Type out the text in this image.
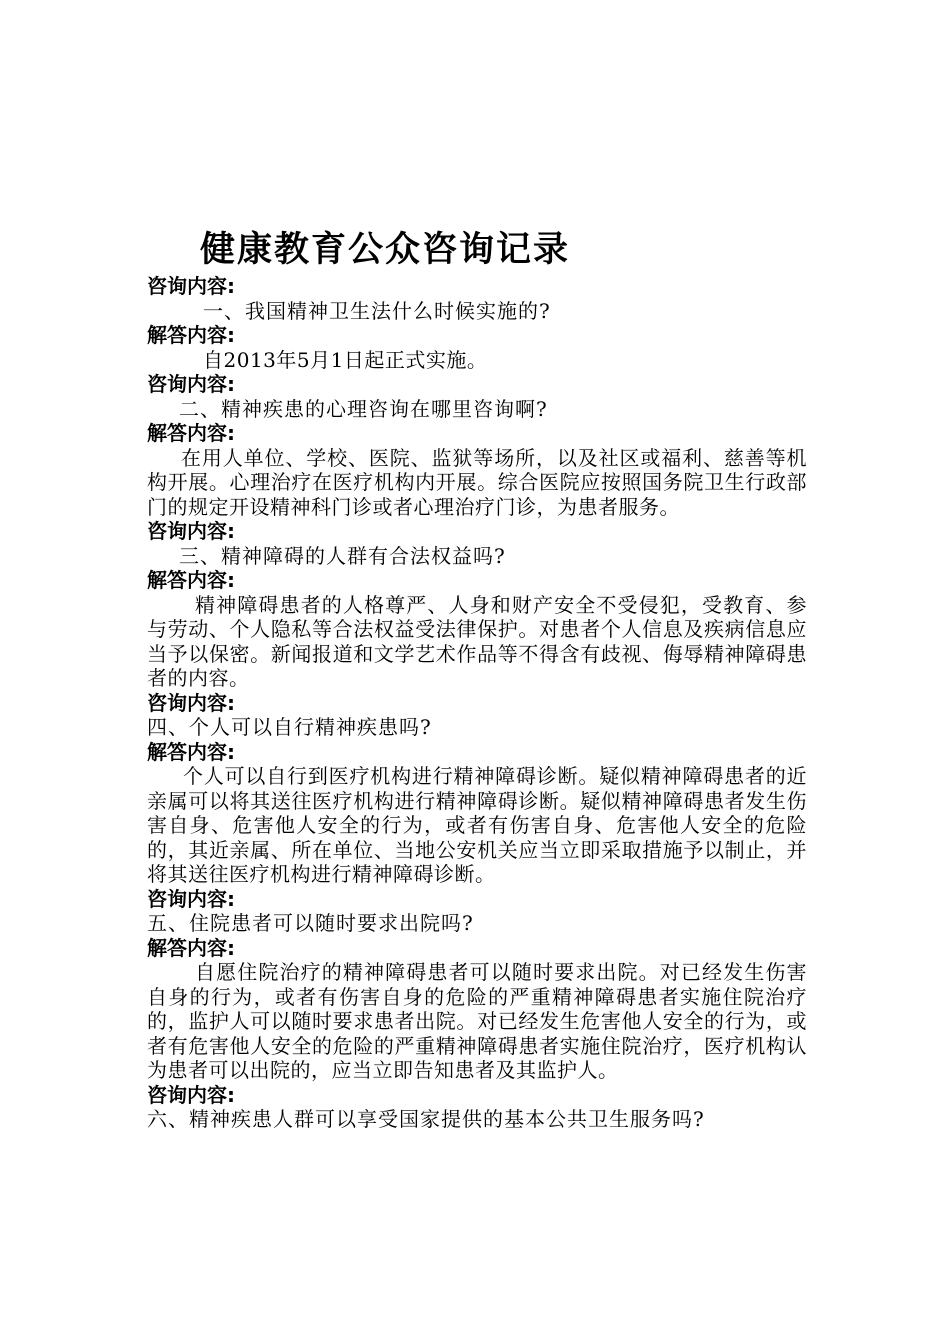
健康教育公众咨询记录
咨询内容:
一、我国精神卫生法什么时候实施的?
解答内容:
自2013年5月1日起正式实施。
咨询内容:
二、精神疾患的心理咨询在哪里咨询啊?
解答内容:
在用人单位、学校、医院、监狱等场所，以及社区或福利、慈善等机构开展。心理治疗在医疗机构内开展。综合医院应按照国务院卫生行政部门的规定开设精神科门诊或者心理治疗门诊，为患者服务。
咨询内容:
三、精神障碍的人群有合法权益吗?
解答内容:
精神障碍患者的人格尊严、人身和财产安全不受侵犯，受教育、参与劳动、个人隐私等合法权益受法律保护。对患者个人信息及疾病信息应当予以保密。新闻报道和文学艺术作品等不得含有歧视、侮辱精神障碍患者的内容。
咨询内容:
四、个人可以自行精神疾患吗?
解答内容:
个人可以自行到医疗机构进行精神障碍诊断。疑似精神障碍患者的近亲属可以将其送往医疗机构进行精神障碍诊断。疑似精神障碍患者发生伤害自身、危害他人安全的行为，或者有伤害自身、危害他人安全的危险的，其近亲属、所在单位、当地公安机关应当立即采取措施予以制止，并将其送往医疗机构进行精神障碍诊断。
咨询内容:
五、住院患者可以随时要求出院吗?
解答内容:
自愿住院治疗的精神障碍患者可以随时要求出院。对已经发生伤害自身的行为，或者有伤害自身的危险的严重精神障碍患者实施住院治疗的，监护人可以随时要求患者出院。对已经发生危害他人安全的行为，或者有危害他人安全的危险的严重精神障碍患者实施住院治疗，医疗机构认为患者可以出院的，应当立即告知患者及其监护人。
咨询内容:
六、精神疾患人群可以享受国家提供的基本公共卫生服务吗?
